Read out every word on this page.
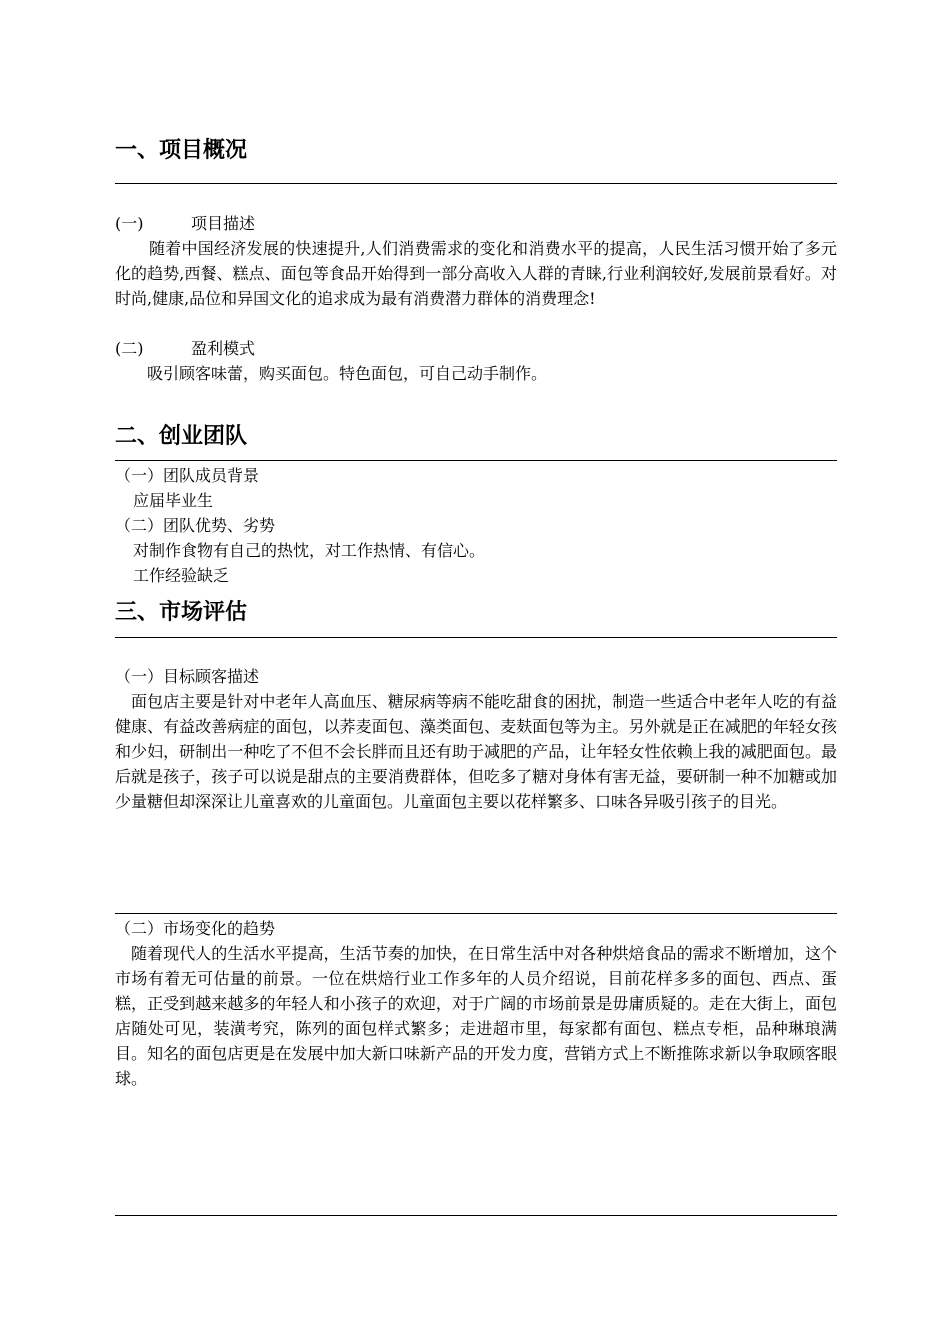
一、项目概况
(一)	项目描述

随着中国经济发展的快速提升,人们消费需求的变化和消费水平的提高，人民生活习惯开始了多元化的趋势,西餐、糕点、面包等食品开始得到一部分高收入人群的青睐,行业利润较好,发展前景看好。对时尚,健康,品位和异国文化的追求成为最有消费潜力群体的消费理念!

(二)	盈利模式
吸引顾客味蕾，购买面包。特色面包，可自己动手制作。
二、创业团队
（一）团队成员背景
应届毕业生
（二）团队优势、劣势
对制作食物有自己的热忱，对工作热情、有信心。
工作经验缺乏
三、市场评估
（一）目标顾客描述

面包店主要是针对中老年人高血压、糖尿病等病不能吃甜食的困扰，制造一些适合中老年人吃的有益健康、有益改善病症的面包，以荞麦面包、藻类面包、麦麸面包等为主。另外就是正在减肥的年轻女孩和少妇，研制出一种吃了不但不会长胖而且还有助于减肥的产品，让年轻女性依赖上我的减肥面包。最后就是孩子，孩子可以说是甜点的主要消费群体，但吃多了糖对身体有害无益，要研制一种不加糖或加少量糖但却深深让儿童喜欢的儿童面包。儿童面包主要以花样繁多、口味各异吸引孩子的目光。

（二）市场变化的趋势

随着现代人的生活水平提高，生活节奏的加快，在日常生活中对各种烘焙食品的需求不断增加，这个市场有着无可估量的前景。一位在烘焙行业工作多年的人员介绍说，目前花样多多的面包、西点、蛋糕，正受到越来越多的年轻人和小孩子的欢迎，对于广阔的市场前景是毋庸质疑的。走在大街上，面包店随处可见，装潢考究，陈列的面包样式繁多；走进超市里，每家都有面包、糕点专柜，品种琳琅满目。知名的面包店更是在发展中加大新口味新产品的开发力度，营销方式上不断推陈求新以争取顾客眼球。
